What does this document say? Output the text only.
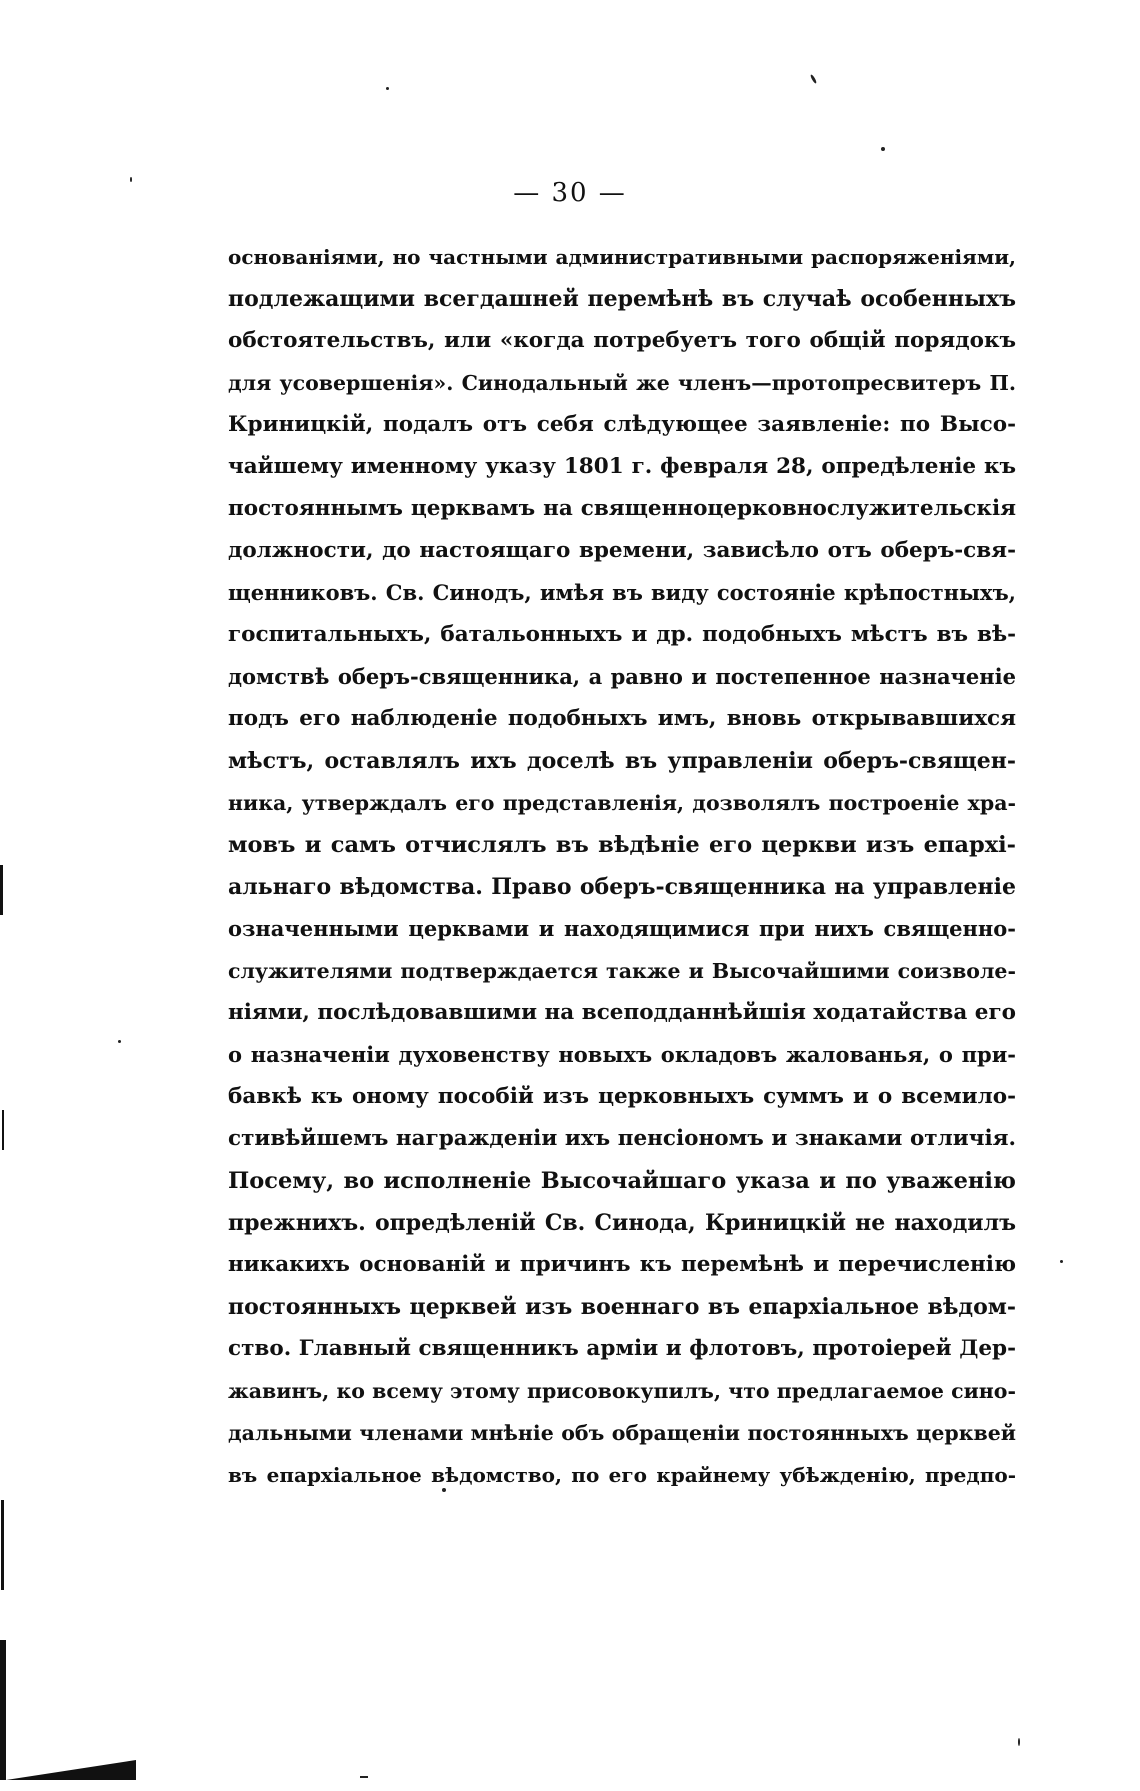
— 30 —
основаніями, но частными административными распоряженіями,
подлежащими всегдашней перемѣнѣ въ случаѣ особенныхъ
обстоятельствъ, или «когда потребуетъ того общій порядокъ
для усовершенія». Синодальный же членъ—протопресвитеръ П.
Криницкій, подалъ отъ себя слѣдующее заявленіе: по Высо-
чайшему именному указу 1801 г. февраля 28, опредѣленіе къ
постояннымъ церквамъ на священноцерковнослужительскія
должности, до настоящаго времени, зависѣло отъ оберъ-свя-
щенниковъ. Св. Синодъ, имѣя въ виду состояніе крѣпостныхъ,
госпитальныхъ, батальонныхъ и др. подобныхъ мѣстъ въ вѣ-
домствѣ оберъ-священника, а равно и постепенное назначеніе
подъ его наблюденіе подобныхъ имъ, вновь открывавшихся
мѣстъ, оставлялъ ихъ доселѣ въ управленіи оберъ-священ-
ника, утверждалъ его представленія, дозволялъ построеніе хра-
мовъ и самъ отчислялъ въ вѣдѣніе его церкви изъ епархі-
альнаго вѣдомства. Право оберъ-священника на управленіе
означенными церквами и находящимися при нихъ священно-
служителями подтверждается также и Высочайшими соизволе-
ніями, послѣдовавшими на всеподданнѣйшія ходатайства его
о назначеніи духовенству новыхъ окладовъ жалованья, о при-
бавкѣ къ оному пособій изъ церковныхъ суммъ и о всемило-
стивѣйшемъ награжденіи ихъ пенсіономъ и знаками отличія.
Посему, во исполненіе Высочайшаго указа и по уваженію
прежнихъ. опредѣленій Св. Синода, Криницкій не находилъ
никакихъ основаній и причинъ къ перемѣнѣ и перечисленію
постоянныхъ церквей изъ военнаго въ епархіальное вѣдом-
ство. Главный священникъ арміи и флотовъ, протоіерей Дер-
жавинъ, ко всему этому присовокупилъ, что предлагаемое сино-
дальными членами мнѣніе объ обращеніи постоянныхъ церквей
въ епархіальное вѣдомство, по его крайнему убѣжденію, предпо-
